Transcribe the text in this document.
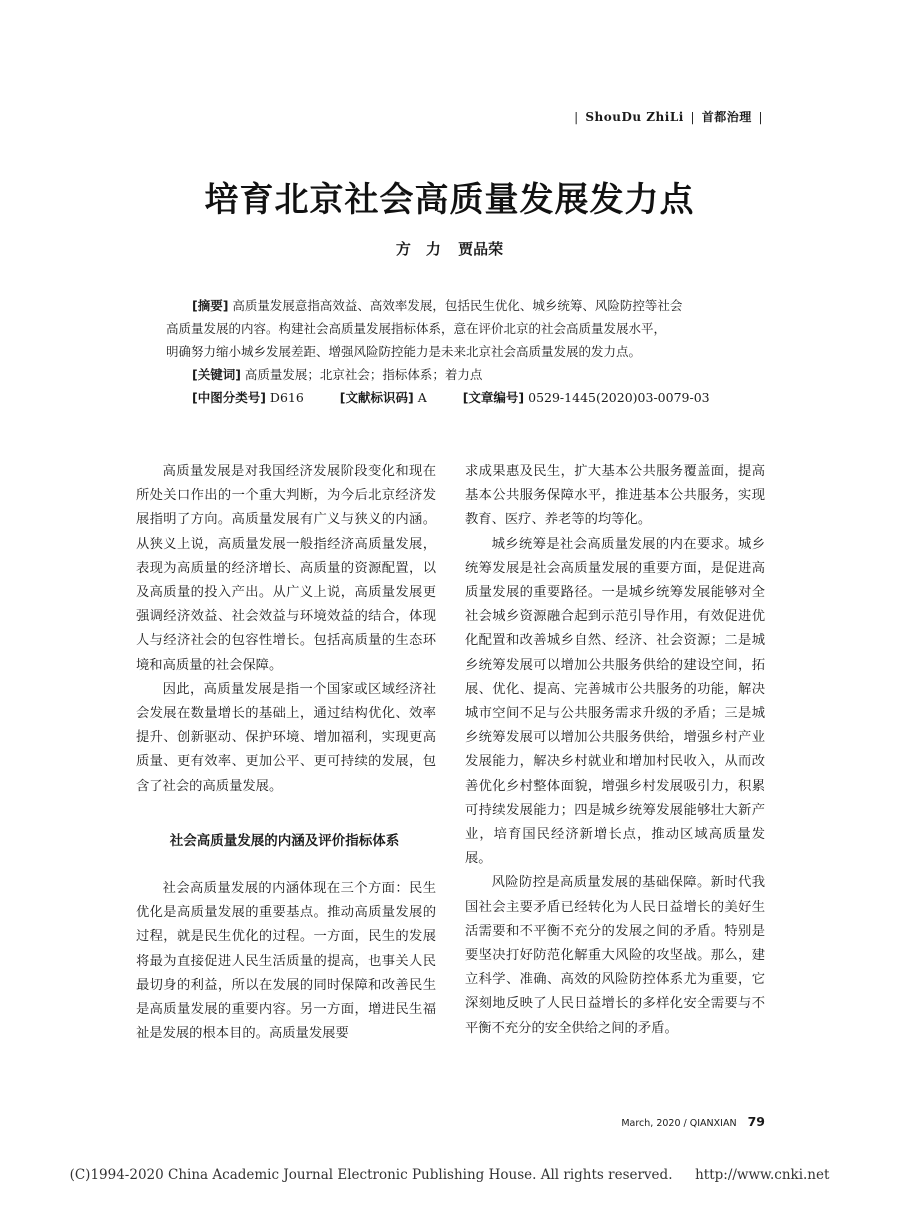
| ShouDu ZhiLi | 首都治理 |
培育北京社会高质量发展发力点
方　力 贾品荣
[摘要] 高质量发展意指高效益、高效率发展，包括民生优化、城乡统筹、风险防控等社会
高质量发展的内容。构建社会高质量发展指标体系，意在评价北京的社会高质量发展水平，
明确努力缩小城乡发展差距、增强风险防控能力是未来北京社会高质量发展的发力点。
[关键词] 高质量发展；北京社会；指标体系；着力点
[中图分类号] D616	[文献标识码] A	[文章编号] 0529-1445(2020)03-0079-03

高质量发展是对我国经济发展阶段变化和现在所处关口作出的一个重大判断，为今后北京经济发展指明了方向。高质量发展有广义与狭义的内涵。从狭义上说，高质量发展一般指经济高质量发展，表现为高质量的经济增长、高质量的资源配置，以及高质量的投入产出。从广义上说，高质量发展更强调经济效益、社会效益与环境效益的结合，体现人与经济社会的包容性增长。包括高质量的生态环境和高质量的社会保障。

因此，高质量发展是指一个国家或区域经济社会发展在数量增长的基础上，通过结构优化、效率提升、创新驱动、保护环境、增加福利，实现更高质量、更有效率、更加公平、更可持续的发展，包含了社会的高质量发展。

社会高质量发展的内涵及评价指标体系

社会高质量发展的内涵体现在三个方面：民生优化是高质量发展的重要基点。推动高质量发展的过程，就是民生优化的过程。一方面，民生的发展将最为直接促进人民生活质量的提高，也事关人民最切身的利益，所以在发展的同时保障和改善民生是高质量发展的重要内容。另一方面，增进民生福祉是发展的根本目的。高质量发展要

求成果惠及民生，扩大基本公共服务覆盖面，提高基本公共服务保障水平，推进基本公共服务，实现教育、医疗、养老等的均等化。

城乡统筹是社会高质量发展的内在要求。城乡统筹发展是社会高质量发展的重要方面，是促进高质量发展的重要路径。一是城乡统筹发展能够对全社会城乡资源融合起到示范引导作用，有效促进优化配置和改善城乡自然、经济、社会资源；二是城乡统筹发展可以增加公共服务供给的建设空间，拓展、优化、提高、完善城市公共服务的功能，解决城市空间不足与公共服务需求升级的矛盾；三是城乡统筹发展可以增加公共服务供给，增强乡村产业发展能力，解决乡村就业和增加村民收入，从而改善优化乡村整体面貌，增强乡村发展吸引力，积累可持续发展能力；四是城乡统筹发展能够壮大新产业，培育国民经济新增长点，推动区域高质量发展。

风险防控是高质量发展的基础保障。新时代我国社会主要矛盾已经转化为人民日益增长的美好生活需要和不平衡不充分的发展之间的矛盾。特别是要坚决打好防范化解重大风险的攻坚战。那么，建立科学、准确、高效的风险防控体系尤为重要，它深刻地反映了人民日益增长的多样化安全需要与不平衡不充分的安全供给之间的矛盾。

March, 2020 / QIANXIAN 79
(C)1994-2020 China Academic Journal Electronic Publishing House. All rights reserved. http://www.cnki.net
